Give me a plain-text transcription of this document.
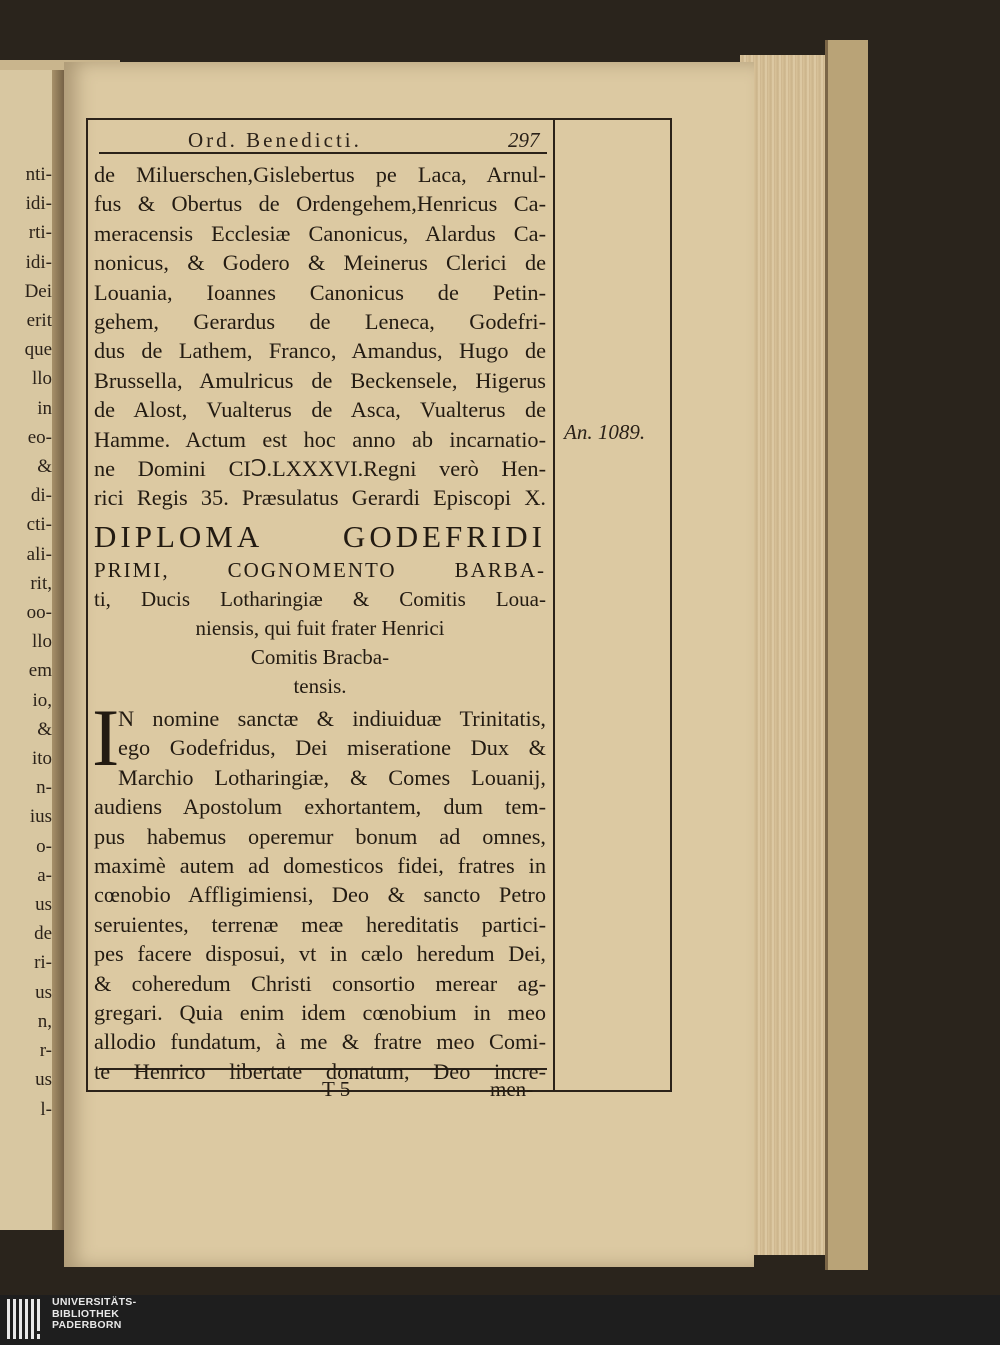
nti-
idi-
rti-
idi-
Dei
erit
que
llo
in
eo-
&
di-
cti-
ali-
rit,
oo-
llo
em
io,
&
ito
n-
ius
o-
a-
us
de
ri-
us
n,
r-
us
l-
Ord. Benedicti.	297
de Miluerschen,Gislebertus pe Laca, Arnul-
fus & Obertus de Ordengehem,Henricus Ca-
meracensis Ecclesiæ Canonicus, Alardus Ca-
nonicus, & Godero & Meinerus Clerici de
Louania, Ioannes Canonicus de Petin-
gehem, Gerardus de Leneca, Godefri-
dus de Lathem, Franco, Amandus, Hugo de
Brussella, Amulricus de Beckensele, Higerus
de Alost, Vualterus de Asca, Vualterus de
Hamme. Actum est hoc anno ab incarnatio-
ne Domini CIↃ.LXXXVI.Regni verò Hen-
rici Regis 35. Præsulatus Gerardi Episcopi X.
An. 1089.
DIPLOMA GODEFRIDI
PRIMI, COGNOMENTO BARBA-
ti, Ducis Lotharingiæ & Comitis Loua-
niensis, qui fuit frater Henrici
Comitis Bracba-
tensis.
I
N nomine sanctæ & indiuiduæ Trinitatis,
ego Godefridus, Dei miseratione Dux &
Marchio Lotharingiæ, & Comes Louanij,
audiens Apostolum exhortantem, dum tem-
pus habemus operemur bonum ad omnes,
maximè autem ad domesticos fidei, fratres in
cœnobio Affligimiensi, Deo & sancto Petro
seruientes, terrenæ meæ hereditatis partici-
pes facere disposui, vt in cælo heredum Dei,
& coheredum Christi consortio merear ag-
gregari. Quia enim idem cœnobium in meo
allodio fundatum, à me & fratre meo Comi-
te Henrico libertate donatum, Deo incre-
T 5	men-
UNIVERSITÄTS-
BIBLIOTHEK
PADERBORN
